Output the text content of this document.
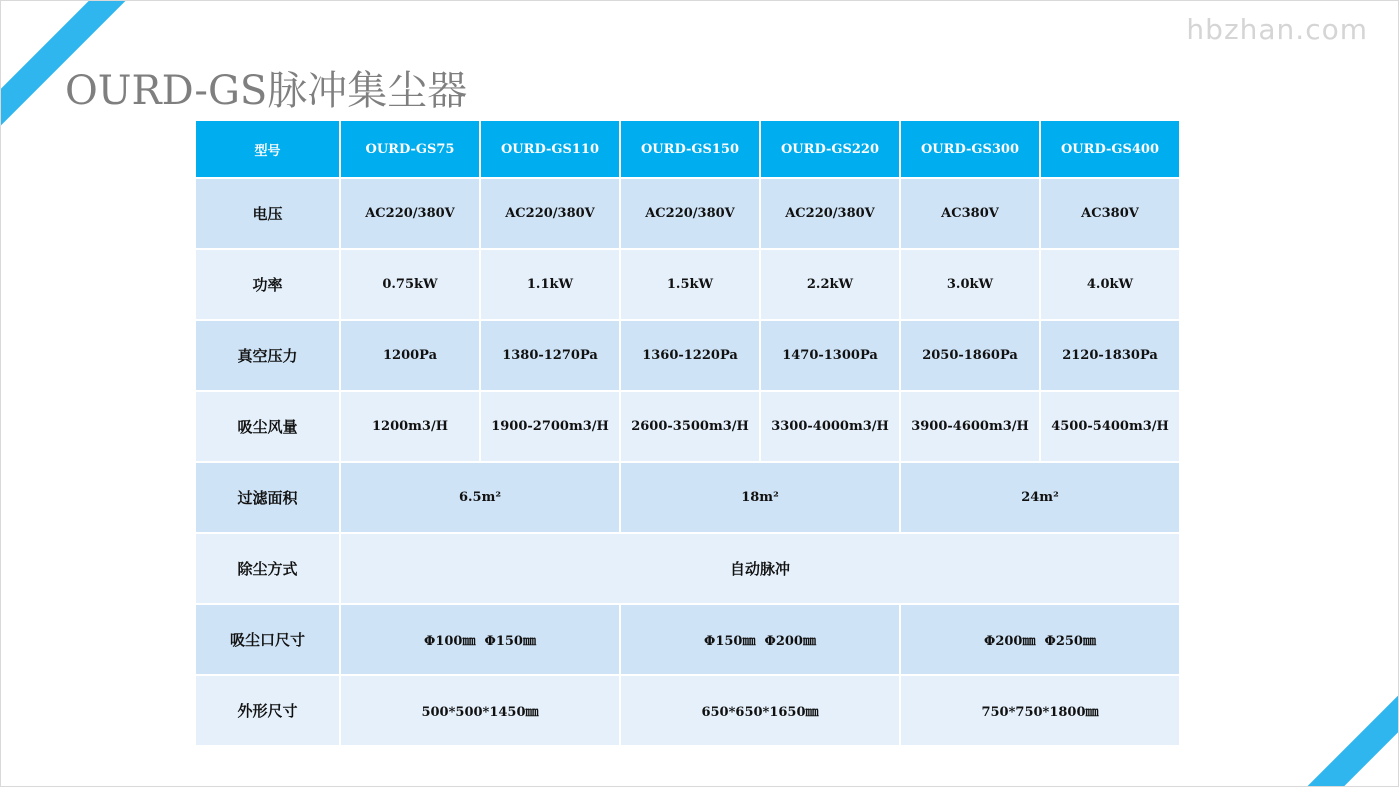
hbzhan.com
OURD-GS脉冲集尘器
型号	OURD-GS75	OURD-GS110	OURD-GS150	OURD-GS220	OURD-GS300	OURD-GS400
电压	AC220/380V	AC220/380V	AC220/380V	AC220/380V	AC380V	AC380V
功率	0.75kW	1.1kW	1.5kW	2.2kW	3.0kW	4.0kW
真空压力	1200Pa	1380-1270Pa	1360-1220Pa	1470-1300Pa	2050-1860Pa	2120-1830Pa
吸尘风量	1200m3/H	1900-2700m3/H	2600-3500m3/H	3300-4000m3/H	3900-4600m3/H	4500-5400m3/H
过滤面积	6.5m²		18m²		24m²	
除尘方式	自动脉冲					
吸尘口尺寸	Φ100㎜  Φ150㎜		Φ150㎜  Φ200㎜		Φ200㎜  Φ250㎜	
外形尺寸	500*500*1450㎜		650*650*1650㎜		750*750*1800㎜	
